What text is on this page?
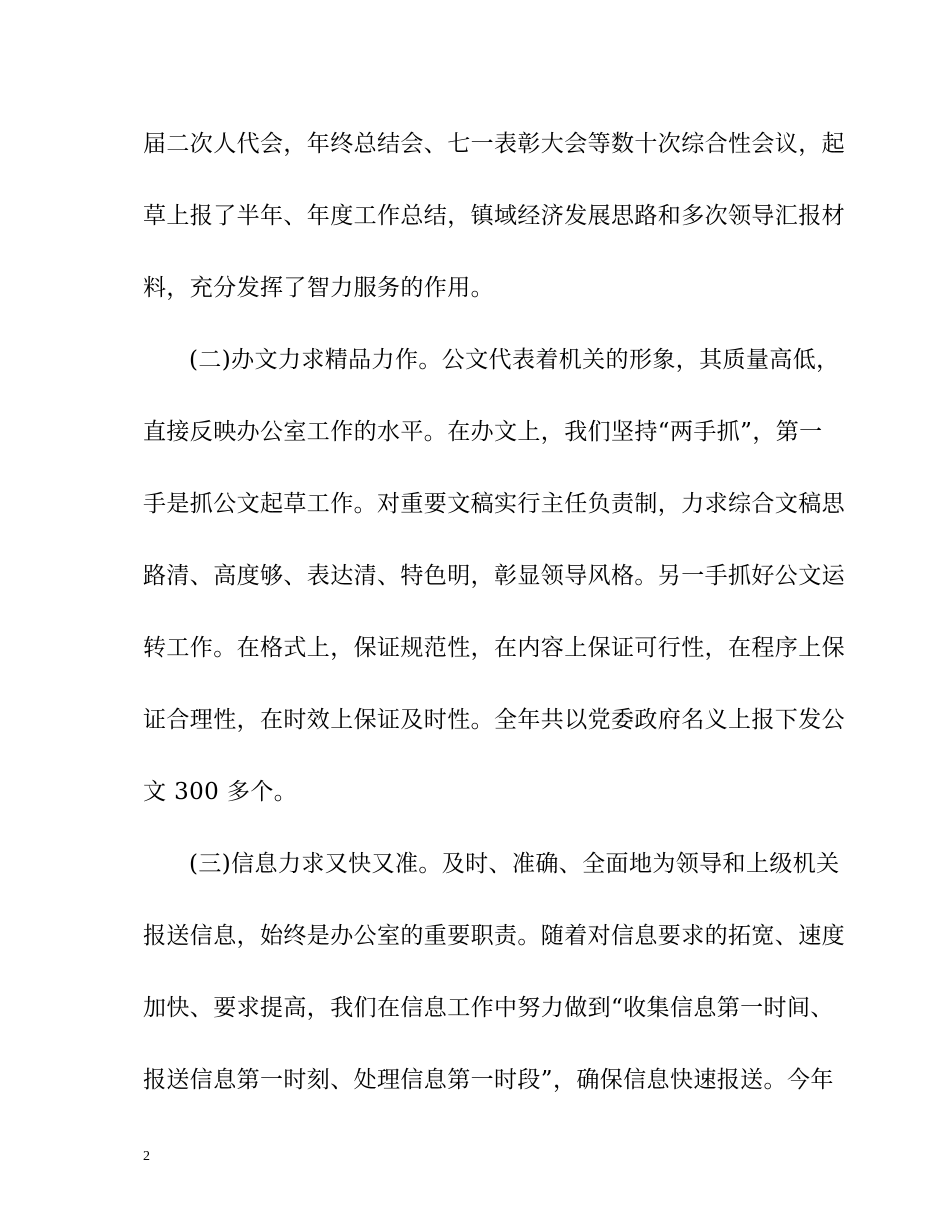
届二次人代会，年终总结会、七一表彰大会等数十次综合性会议，起
草上报了半年、年度工作总结，镇域经济发展思路和多次领导汇报材
料，充分发挥了智力服务的作用。
(二)办文力求精品力作。公文代表着机关的形象，其质量高低，
直接反映办公室工作的水平。在办文上，我们坚持“两手抓”，第一
手是抓公文起草工作。对重要文稿实行主任负责制，力求综合文稿思
路清、高度够、表达清、特色明，彰显领导风格。另一手抓好公文运
转工作。在格式上，保证规范性，在内容上保证可行性，在程序上保
证合理性，在时效上保证及时性。全年共以党委政府名义上报下发公
文 300 多个。
(三)信息力求又快又准。及时、准确、全面地为领导和上级机关
报送信息，始终是办公室的重要职责。随着对信息要求的拓宽、速度
加快、要求提高，我们在信息工作中努力做到“收集信息第一时间、
报送信息第一时刻、处理信息第一时段”，确保信息快速报送。今年
2
